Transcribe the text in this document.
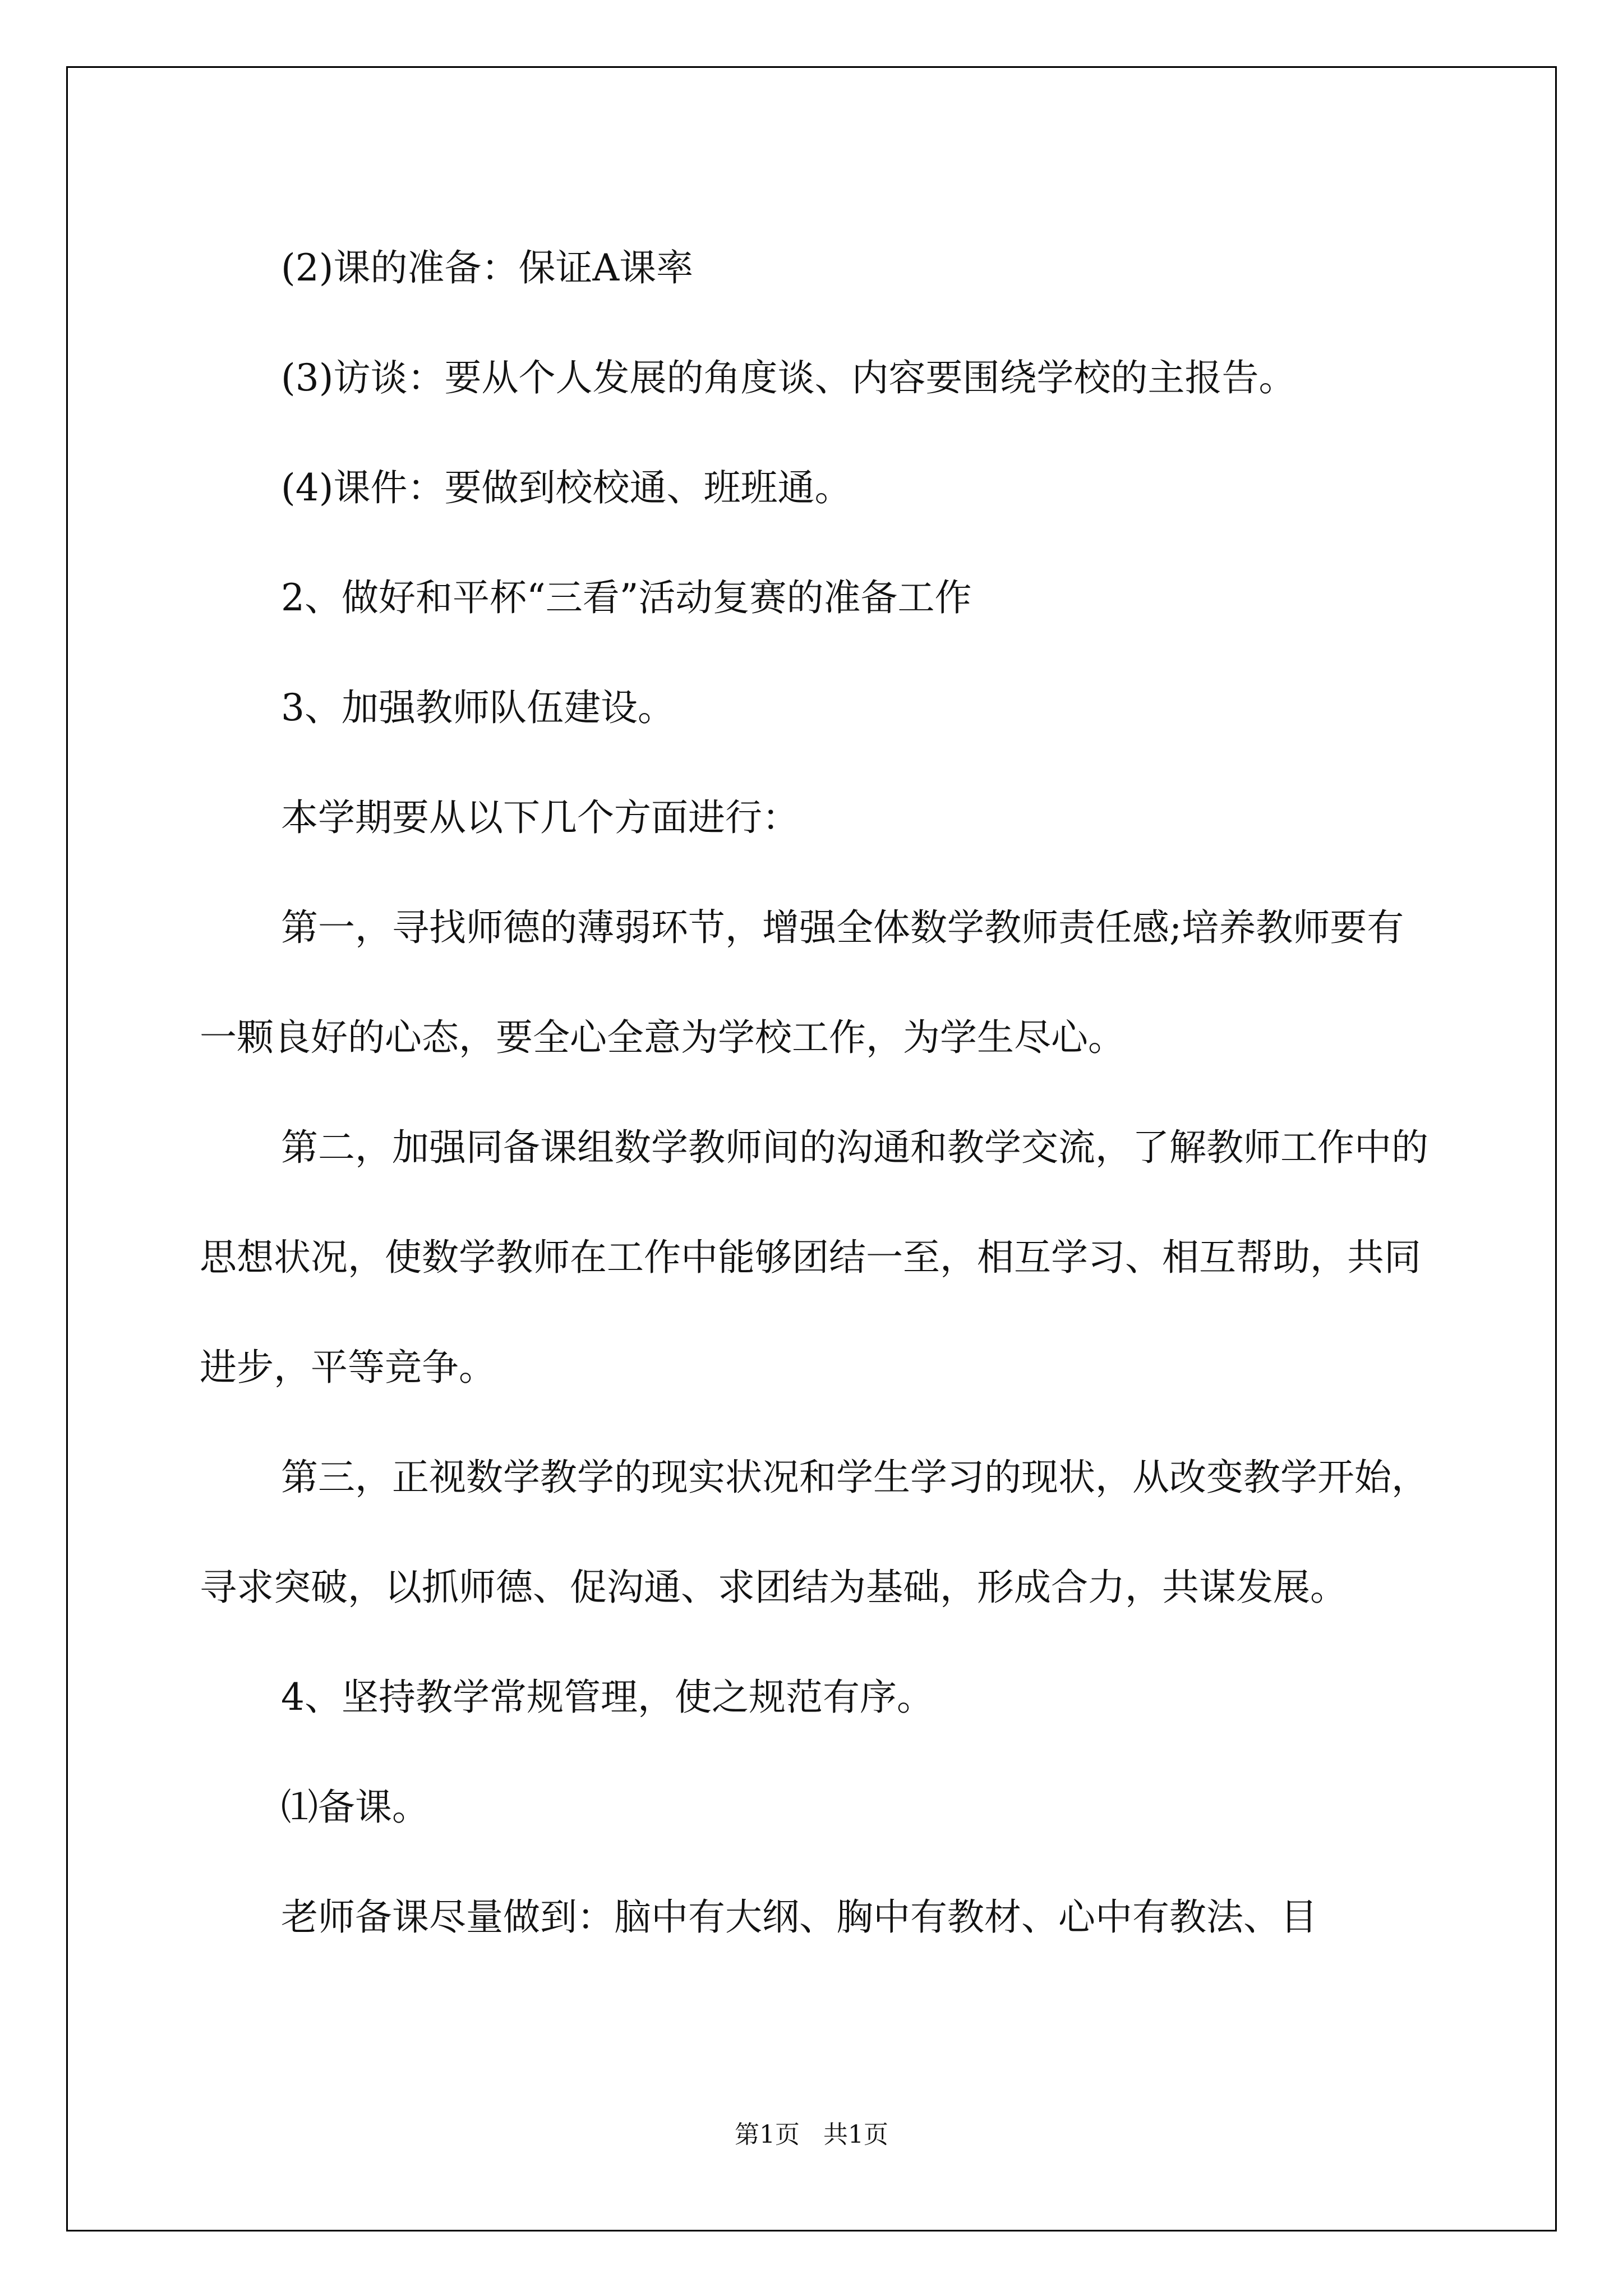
(2)课的准备：保证A课率

(3)访谈：要从个人发展的角度谈、内容要围绕学校的主报告。

(4)课件：要做到校校通、班班通。

2、做好和平杯“三看”活动复赛的准备工作

3、加强教师队伍建设。

本学期要从以下几个方面进行：

第一，寻找师德的薄弱环节，增强全体数学教师责任感;培养教师要有一颗良好的心态，要全心全意为学校工作，为学生尽心。

第二，加强同备课组数学教师间的沟通和教学交流，了解教师工作中的思想状况，使数学教师在工作中能够团结一至，相互学习、相互帮助，共同进步，平等竞争。

第三，正视数学教学的现实状况和学生学习的现状，从改变教学开始，寻求突破，以抓师德、促沟通、求团结为基础，形成合力，共谋发展。

4、坚持教学常规管理，使之规范有序。

⑴备课。

老师备课尽量做到：脑中有大纲、胸中有教材、心中有教法、目

第1页 共1页
